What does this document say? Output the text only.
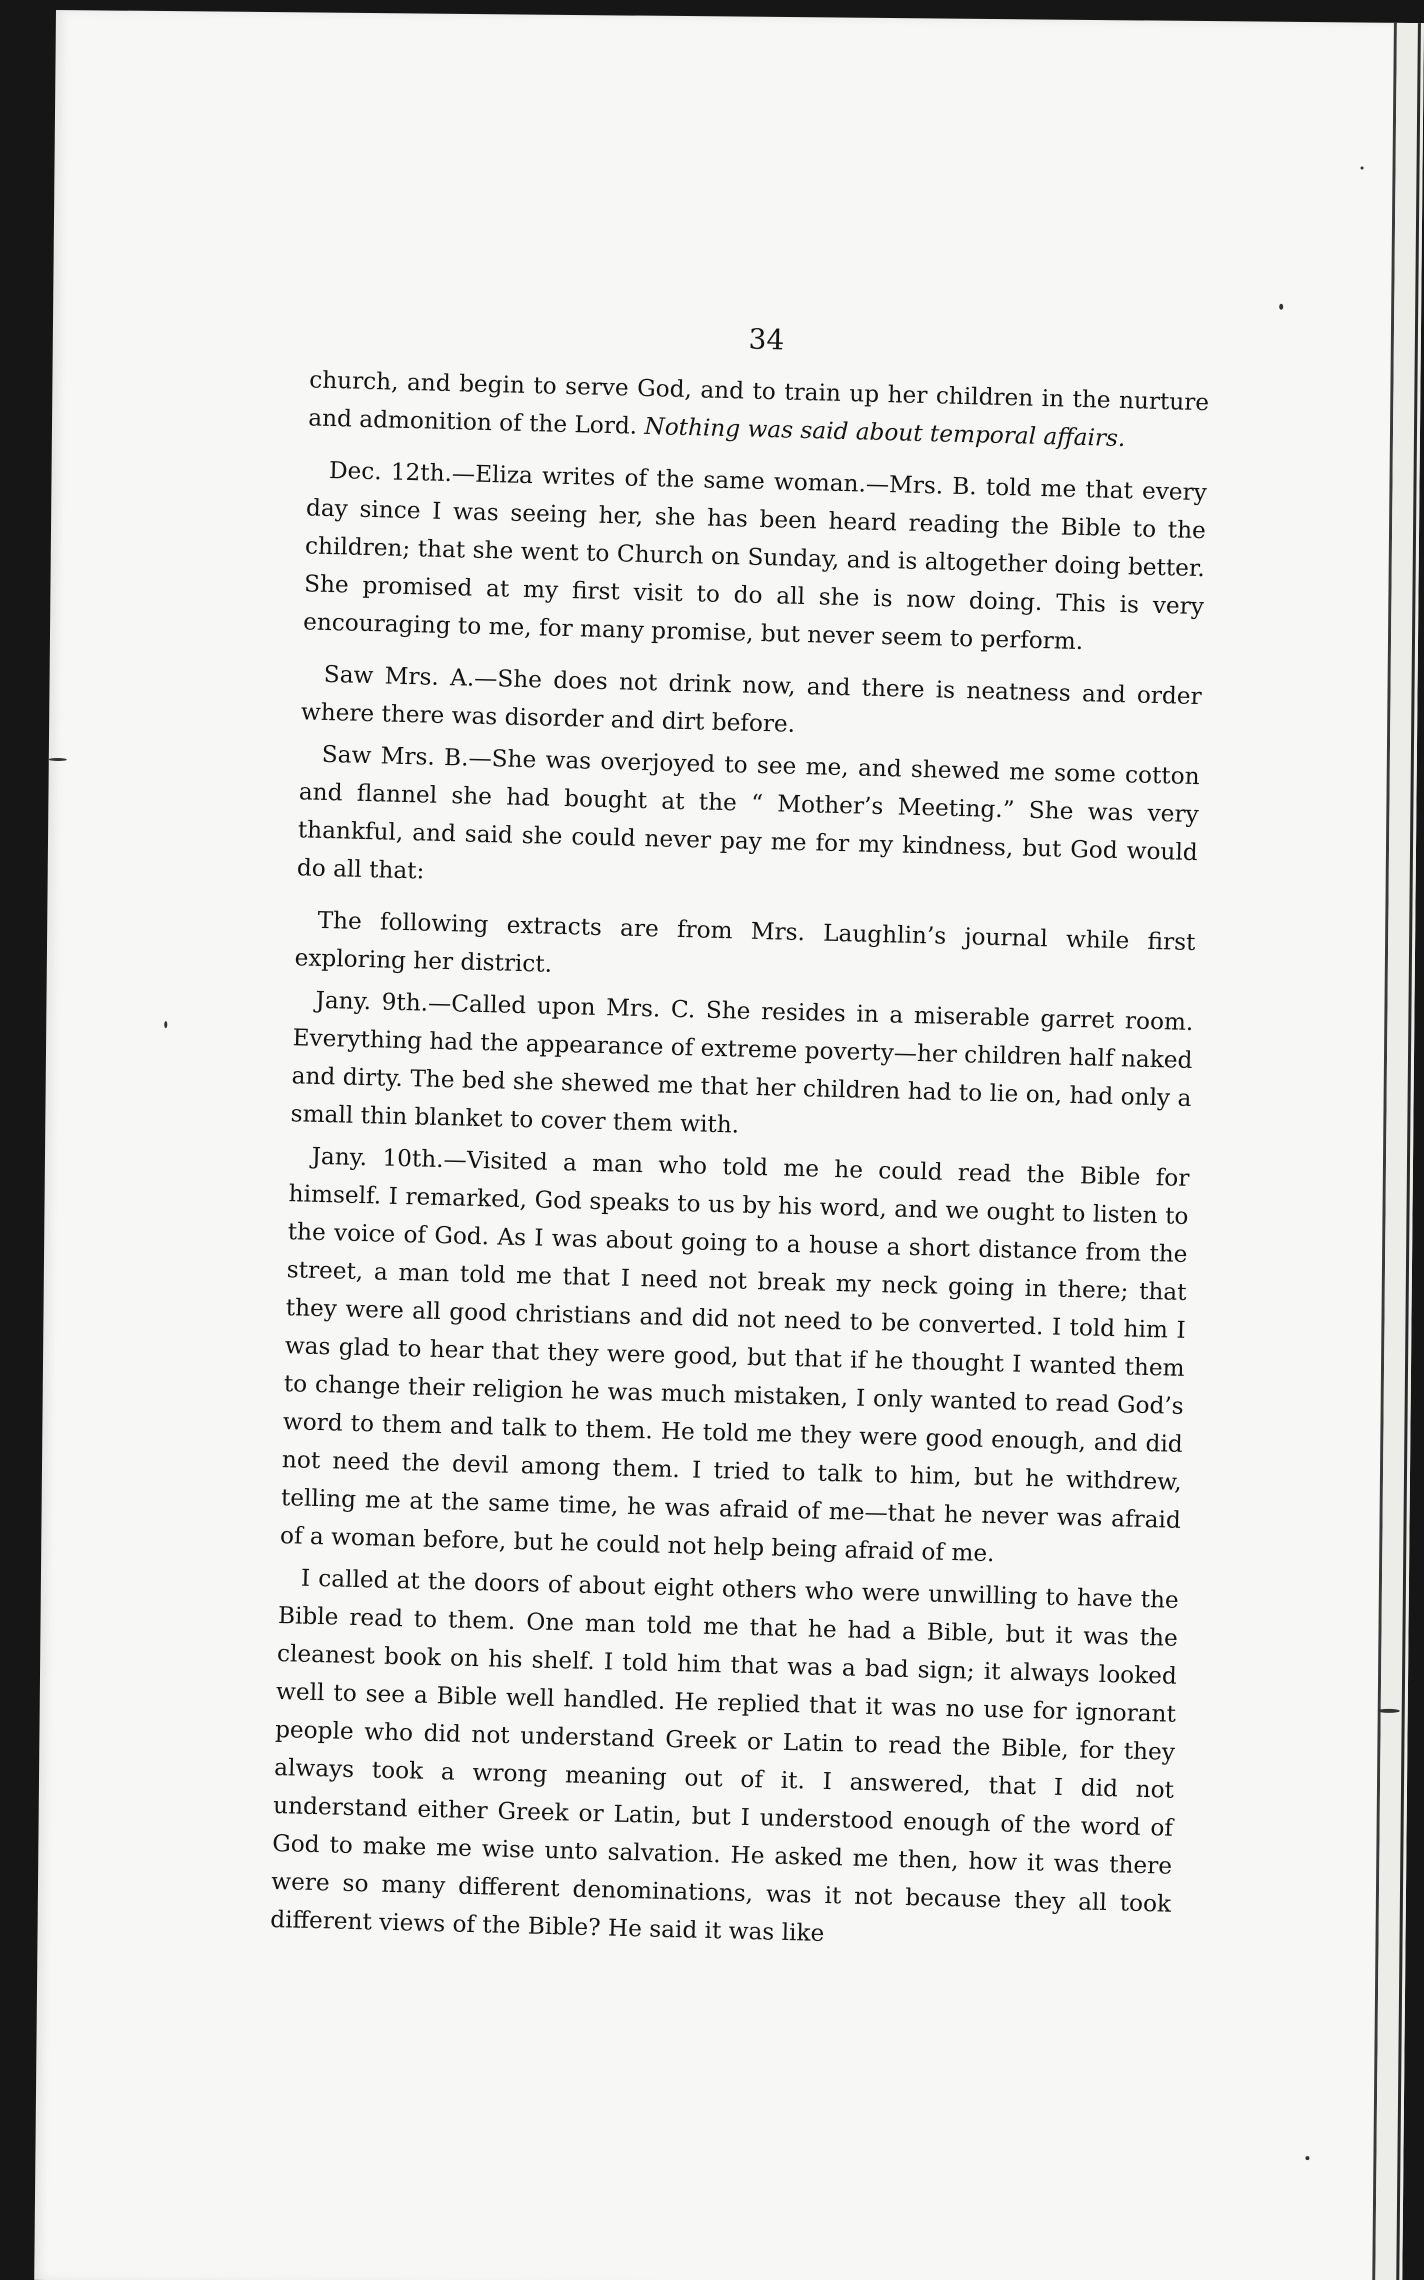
34

church, and begin to serve God, and to train up her children in the nurture and admonition of the Lord. Nothing was said about temporal affairs.

Dec. 12th.—Eliza writes of the same woman.—Mrs. B. told me that every day since I was seeing her, she has been heard reading the Bible to the children; that she went to Church on Sunday, and is altogether doing better. She promised at my first visit to do all she is now doing. This is very encouraging to me, for many promise, but never seem to perform.

Saw Mrs. A.—She does not drink now, and there is neatness and order where there was disorder and dirt before.

Saw Mrs. B.—She was overjoyed to see me, and shewed me some cotton and flannel she had bought at the “ Mother’s Meeting.” She was very thankful, and said she could never pay me for my kindness, but God would do all that:

The following extracts are from Mrs. Laughlin’s journal while first exploring her district.

Jany. 9th.—Called upon Mrs. C. She resides in a miserable garret room. Everything had the appearance of extreme poverty—her children half naked and dirty. The bed she shewed me that her children had to lie on, had only a small thin blanket to cover them with.

Jany. 10th.—Visited a man who told me he could read the Bible for himself. I remarked, God speaks to us by his word, and we ought to listen to the voice of God. As I was about going to a house a short distance from the street, a man told me that I need not break my neck going in there; that they were all good christians and did not need to be converted. I told him I was glad to hear that they were good, but that if he thought I wanted them to change their religion he was much mistaken, I only wanted to read God’s word to them and talk to them. He told me they were good enough, and did not need the devil among them. I tried to talk to him, but he withdrew, telling me at the same time, he was afraid of me—that he never was afraid of a woman before, but he could not help being afraid of me.

I called at the doors of about eight others who were unwilling to have the Bible read to them. One man told me that he had a Bible, but it was the cleanest book on his shelf. I told him that was a bad sign; it always looked well to see a Bible well handled. He replied that it was no use for ignorant people who did not understand Greek or Latin to read the Bible, for they always took a wrong meaning out of it. I answered, that I did not understand either Greek or Latin, but I understood enough of the word of God to make me wise unto salvation. He asked me then, how it was there were so many different denominations, was it not because they all took different views of the Bible? He said it was like
